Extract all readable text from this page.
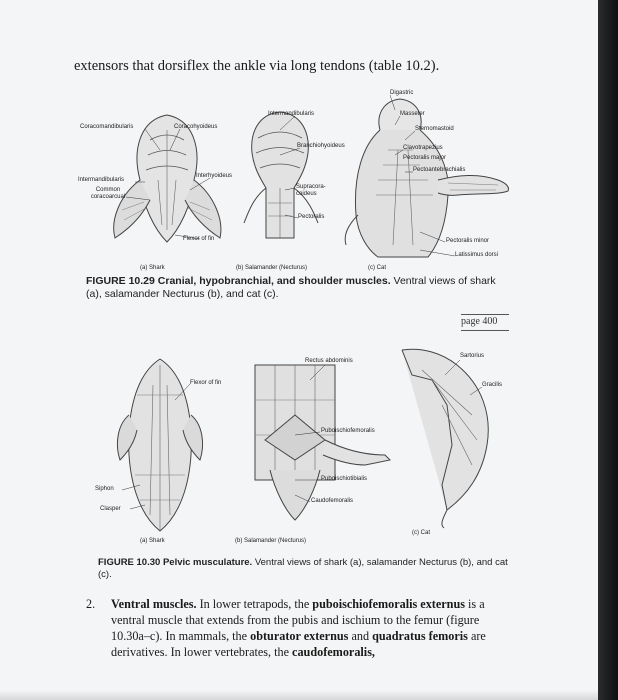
extensors that dorsiflex the ankle via long tendons (table 10.2).
Digastric
Intermandibularis	Masseter
Sternomastoid
Coracomandibularis	Coracohyoideus
Branchiohyoideus	Clavotrapezius
Pectoralis major
Pectoantebrachialis
Intermandibularis
Interhyoideus
Common coracoarcual
Supracora- coideus
Pectoralis
Flexor of fin	Pectoralis minor
Latissimus dorsi
(a) Shark	(b) Salamander (Necturus)	(c) Cat
FIGURE 10.29 Cranial, hypobranchial, and shoulder muscles. Ventral views of shark (a), salamander Necturus (b), and cat (c).
page 400
Rectus abdominis
Sartorius
Gracilis
Flexor of fin
Puboischiofemoralis
Puboischiotibialis
Caudofemoralis
Siphon
Clasper
(a) Shark	(b) Salamander (Necturus)
(c) Cat
FIGURE 10.30 Pelvic musculature. Ventral views of shark (a), salamander Necturus (b), and cat (c).
2. Ventral muscles. In lower tetrapods, the puboischiofemoralis externus is a ventral muscle that extends from the pubis and ischium to the femur (figure 10.30a–c). In mammals, the obturator externus and quadratus femoris are derivatives. In lower vertebrates, the caudofemoralis,
